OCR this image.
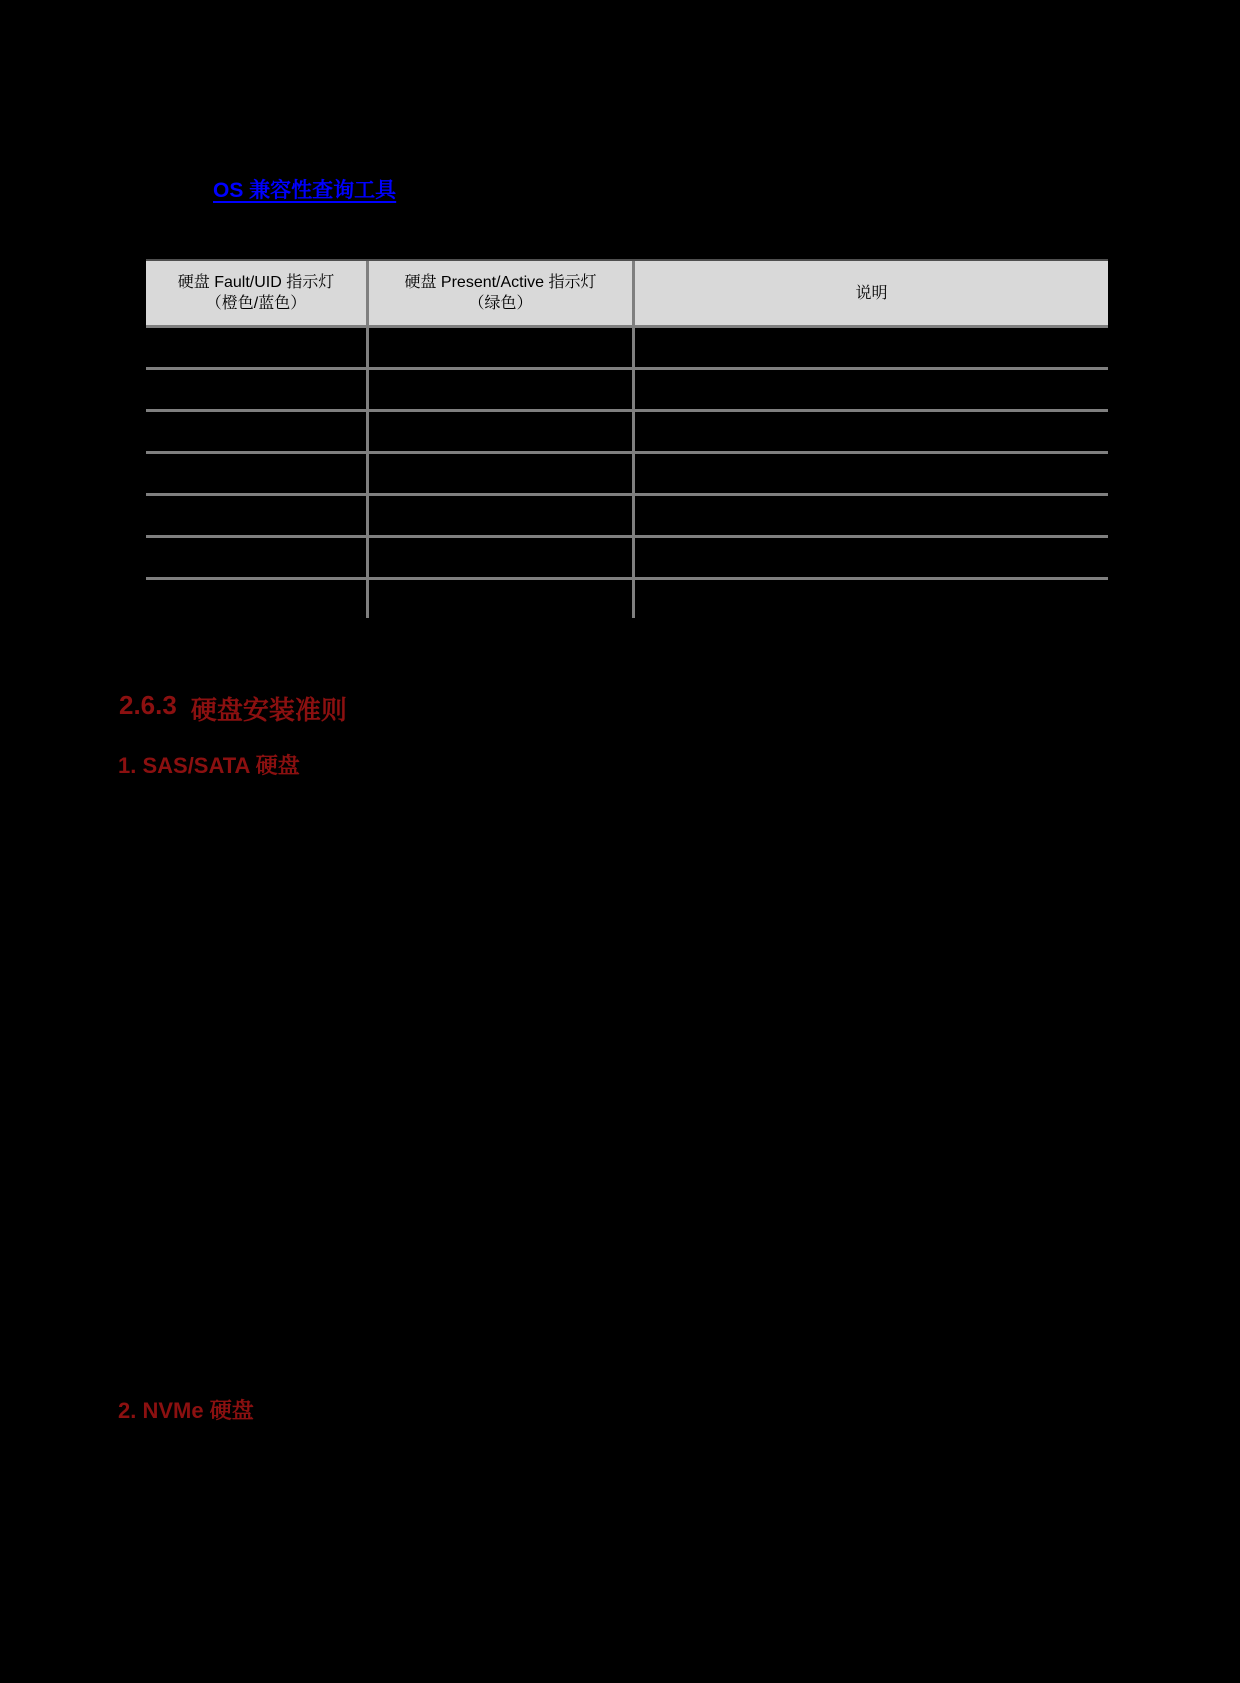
OS 兼容性查询工具
硬盘 Fault/UID 指示灯
（橙色/蓝色）
硬盘 Present/Active 指示灯
（绿色）
说明
2.6.3 硬盘安装准则
1. SAS/SATA 硬盘
2. NVMe 硬盘
